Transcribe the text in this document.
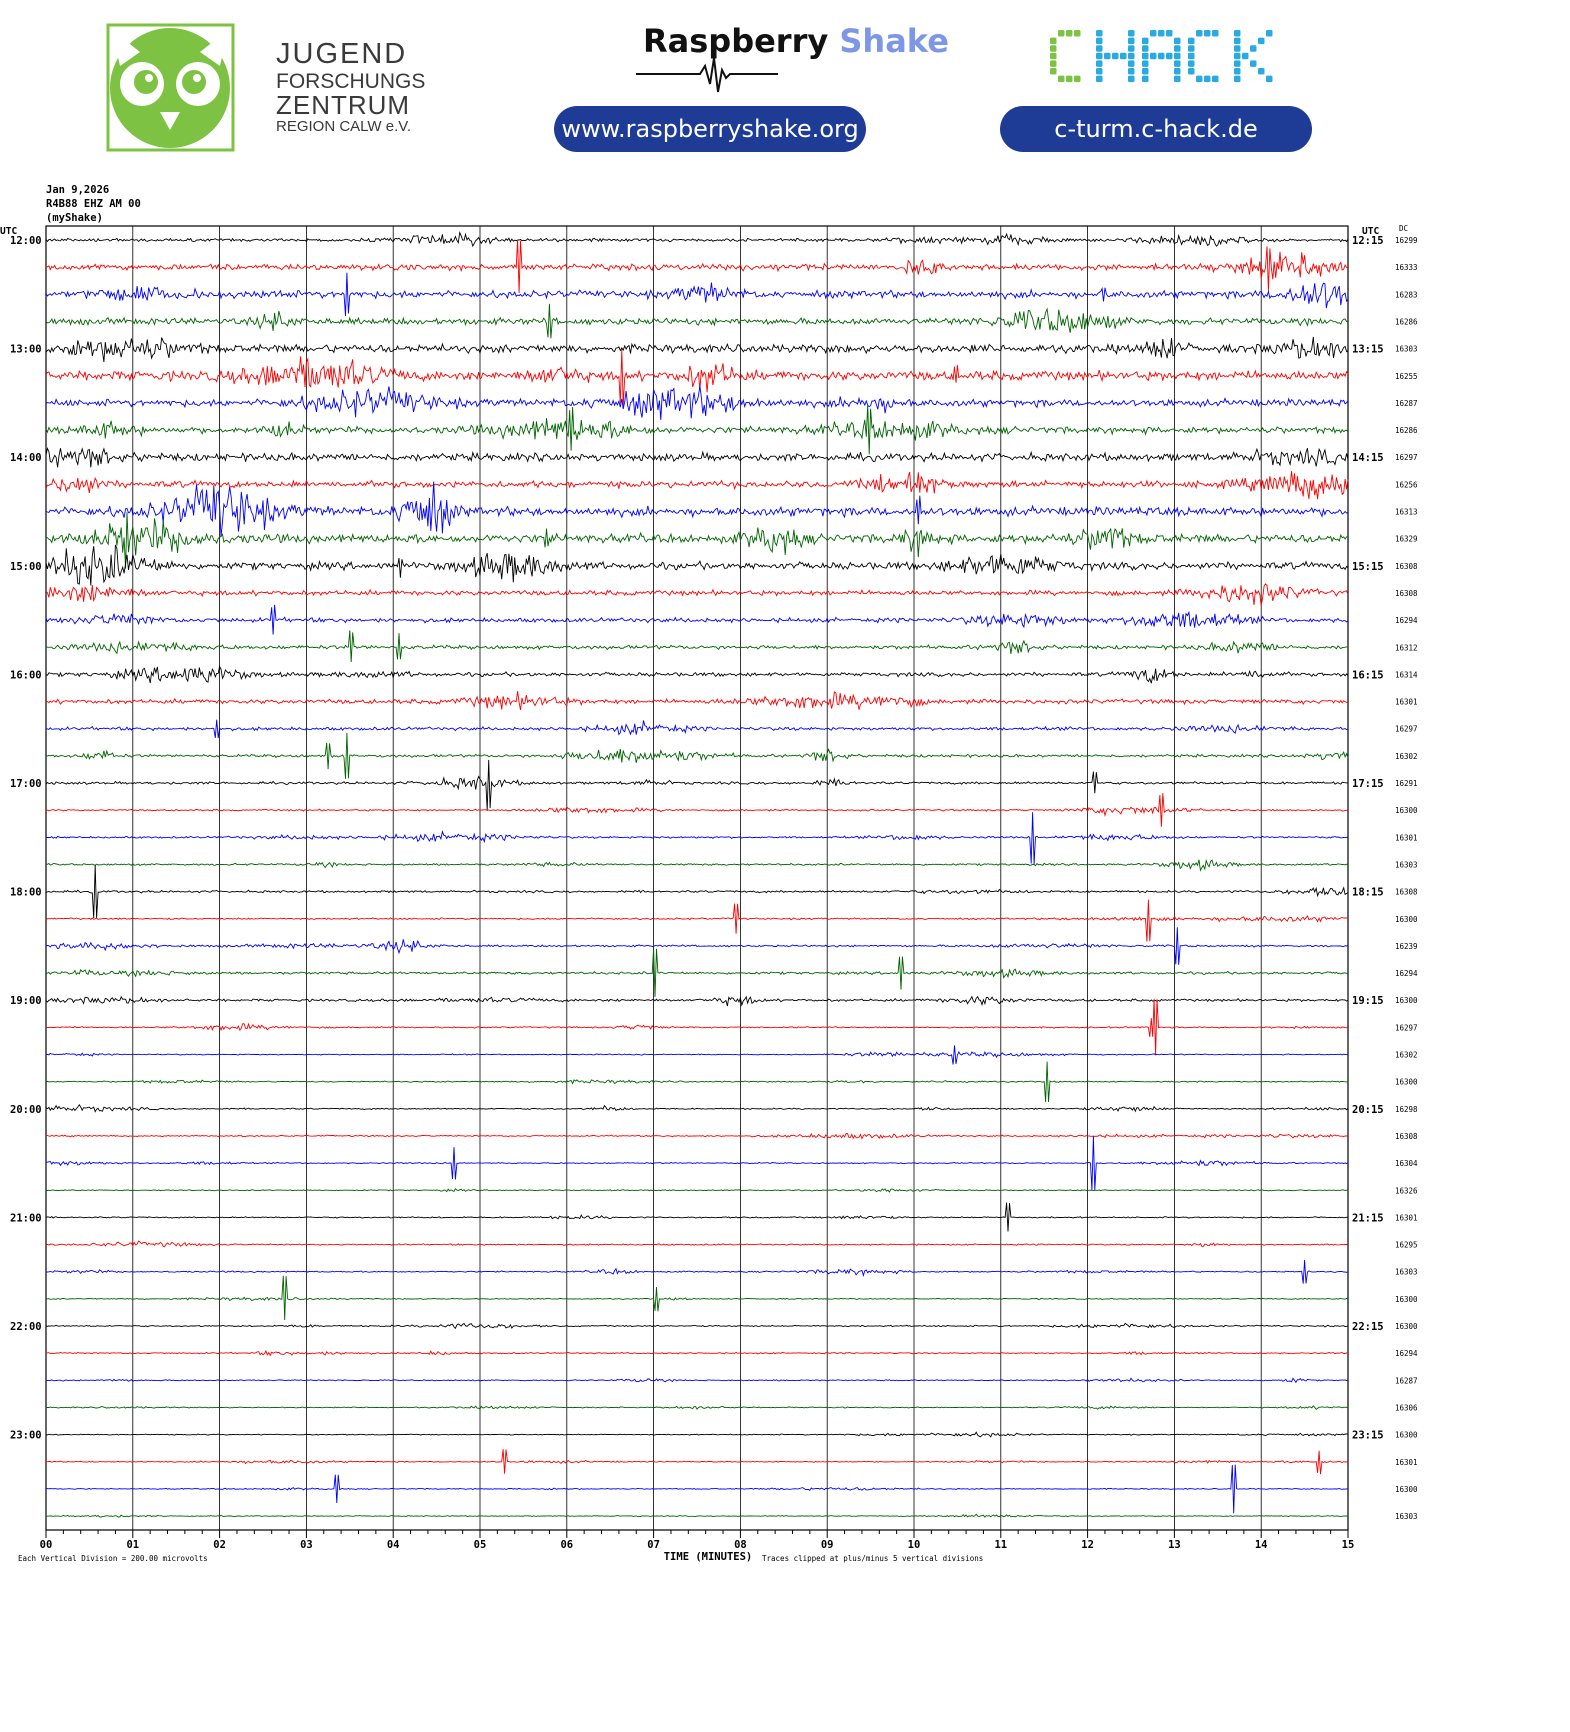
JUGEND
FORSCHUNGS
ZENTRUM
REGION CALW e.V.
Raspberry Shake
www.raspberryshake.org	c-turm.c-hack.de
16299
16333
16283
16286
16303
16255
16287
16286
16297
16256
16313
16329
16308
16308
16294
16312
16314
16301
16297
16302
16291
16300
16301
16303
16308
16300
16239
16294
16300
16297
16302
16300
16298
16308
16304
16326
16301
16295
16303
16300
16300
16294
16287
16306
16300
16301
16300
16303
12:00
13:00
14:00
15:00
16:00
17:00
18:00
19:00
20:00
21:00
22:00
23:00
12:15
13:15
14:15
15:15
16:15
17:15
18:15
19:15
20:15
21:15
22:15
23:15
Jan 9,2026
R4B88 EHZ AM 00
(myShake)
UTC	UTC	DC
00	01	02	03	04	05	06	07	08	09	10	11	12	13	14	15
TIME (MINUTES)
Each Vertical Division = 200.00 microvolts	Traces clipped at plus/minus 5 vertical divisions
